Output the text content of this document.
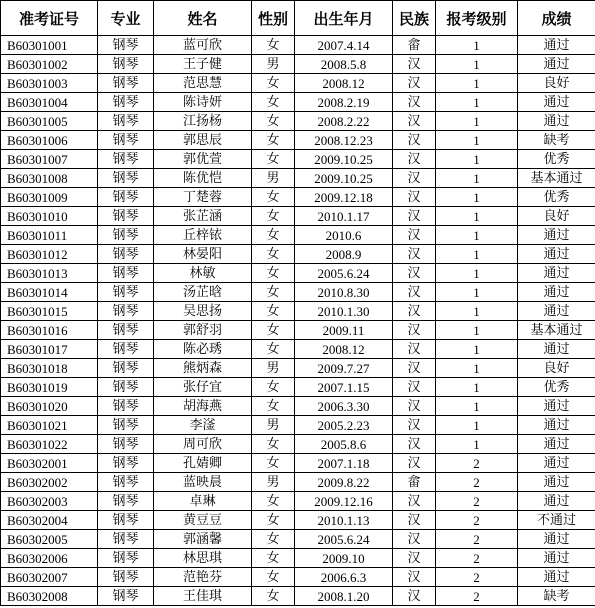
准考证号	专业	姓名	性别	出生年月	民族	报考级别	成绩
B60301001	钢琴	蓝可欣	女	2007.4.14	畲	1	通过
B60301002	钢琴	王子健	男	2008.5.8	汉	1	通过
B60301003	钢琴	范思慧	女	2008.12	汉	1	良好
B60301004	钢琴	陈诗妍	女	2008.2.19	汉	1	通过
B60301005	钢琴	江扬杨	女	2008.2.22	汉	1	通过
B60301006	钢琴	郭思辰	女	2008.12.23	汉	1	缺考
B60301007	钢琴	郭优萱	女	2009.10.25	汉	1	优秀
B60301008	钢琴	陈优恺	男	2009.10.25	汉	1	基本通过
B60301009	钢琴	丁楚蓉	女	2009.12.18	汉	1	优秀
B60301010	钢琴	张芷涵	女	2010.1.17	汉	1	良好
B60301011	钢琴	丘梓铱	女	2010.6	汉	1	通过
B60301012	钢琴	林晏阳	女	2008.9	汉	1	通过
B60301013	钢琴	林敏	女	2005.6.24	汉	1	通过
B60301014	钢琴	汤芷晗	女	2010.8.30	汉	1	通过
B60301015	钢琴	吴思扬	女	2010.1.30	汉	1	通过
B60301016	钢琴	郭舒羽	女	2009.11	汉	1	基本通过
B60301017	钢琴	陈必琇	女	2008.12	汉	1	通过
B60301018	钢琴	熊炳森	男	2009.7.27	汉	1	良好
B60301019	钢琴	张仔宜	女	2007.1.15	汉	1	优秀
B60301020	钢琴	胡海燕	女	2006.3.30	汉	1	通过
B60301021	钢琴	李滏	男	2005.2.23	汉	1	通过
B60301022	钢琴	周可欣	女	2005.8.6	汉	1	通过
B60302001	钢琴	孔婧卿	女	2007.1.18	汉	2	通过
B60302002	钢琴	蓝映晨	男	2009.8.22	畲	2	通过
B60302003	钢琴	卓琳	女	2009.12.16	汉	2	通过
B60302004	钢琴	黄豆豆	女	2010.1.13	汉	2	不通过
B60302005	钢琴	郭涵馨	女	2005.6.24	汉	2	通过
B60302006	钢琴	林思琪	女	2009.10	汉	2	通过
B60302007	钢琴	范艳芬	女	2006.6.3	汉	2	通过
B60302008	钢琴	王佳琪	女	2008.1.20	汉	2	缺考
